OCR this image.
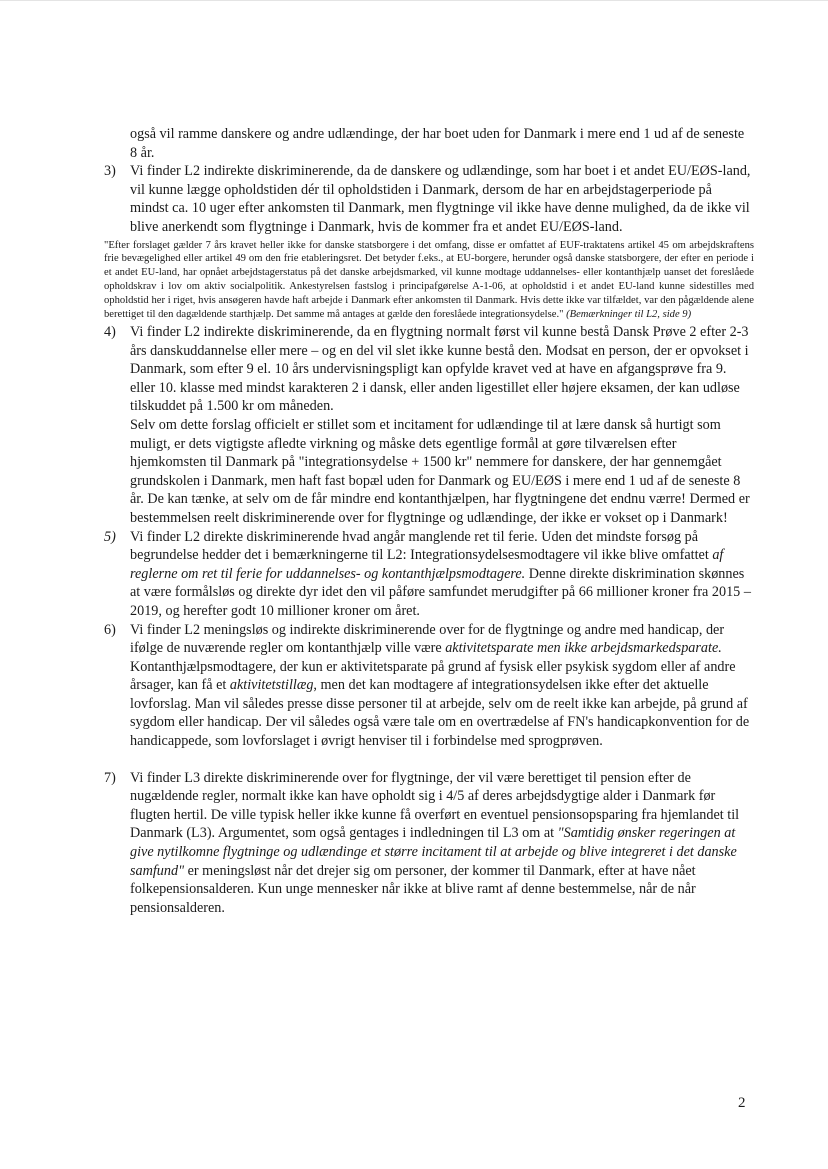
også vil ramme danskere og andre udlændinge, der har boet uden for Danmark i mere end 1 ud af de seneste 8 år.
3) Vi finder L2 indirekte diskriminerende, da de danskere og udlændinge, som har boet i et andet EU/EØS-land, vil kunne lægge opholdstiden dér til opholdstiden i Danmark, dersom de har en arbejdstagerperiode på mindst ca. 10 uger efter ankomsten til Danmark, men flygtninge vil ikke have denne mulighed, da de ikke vil blive anerkendt som flygtninge i Danmark, hvis de kommer fra et andet EU/EØS-land.

"Efter forslaget gælder 7 års kravet heller ikke for danske statsborgere i det omfang, disse er omfattet af EUF-traktatens artikel 45 om arbejdskraftens frie bevægelighed eller artikel 49 om den frie etableringsret. Det betyder f.eks., at EU-borgere, herunder også danske statsborgere, der efter en periode i et andet EU-land, har opnået arbejdstagerstatus på det danske arbejdsmarked, vil kunne modtage uddannelses- eller kontanthjælp uanset det foreslåede opholdskrav i lov om aktiv socialpolitik. Ankestyrelsen fastslog i principafgørelse A-1-06, at opholdstid i et andet EU-land kunne sidestilles med opholdstid her i riget, hvis ansøgeren havde haft arbejde i Danmark efter ankomsten til Danmark. Hvis dette ikke var tilfældet, var den pågældende alene berettiget til den dagældende starthjælp. Det samme må antages at gælde den foreslåede integrationsydelse." (Bemærkninger til L2, side 9)
4) Vi finder L2 indirekte diskriminerende, da en flygtning normalt først vil kunne bestå Dansk Prøve 2 efter 2-3 års danskuddannelse eller mere – og en del vil slet ikke kunne bestå den. Modsat en person, der er opvokset i Danmark, som efter 9 el. 10 års undervisningspligt kan opfylde kravet ved at have en afgangsprøve fra 9. eller 10. klasse med mindst karakteren 2 i dansk, eller anden ligestillet eller højere eksamen, der kan udløse tilskuddet på 1.500 kr om måneden.

Selv om dette forslag officielt er stillet som et incitament for udlændinge til at lære dansk så hurtigt som muligt, er dets vigtigste afledte virkning og måske dets egentlige formål at gøre tilværelsen efter hjemkomsten til Danmark på "integrationsydelse + 1500 kr" nemmere for danskere, der har gennemgået grundskolen i Danmark, men haft fast bopæl uden for Danmark og EU/EØS i mere end 1 ud af de seneste 8 år. De kan tænke, at selv om de får mindre end kontanthjælpen, har flygtningene det endnu værre! Dermed er bestemmelsen reelt diskriminerende over for flygtninge og udlændinge, der ikke er vokset op i Danmark!

5) Vi finder L2 direkte diskriminerende hvad angår manglende ret til ferie. Uden det mindste forsøg på begrundelse hedder det i bemærkningerne til L2: Integrationsydelsesmodtagere vil ikke blive omfattet af reglerne om ret til ferie for uddannelses- og kontanthjælpsmodtagere. Denne direkte diskrimination skønnes at være formålsløs og direkte dyr idet den vil påføre samfundet merudgifter på 66 millioner kroner fra 2015 – 2019, og herefter godt 10 millioner kroner om året.

6) Vi finder L2 meningsløs og indirekte diskriminerende over for de flygtninge og andre med handicap, der ifølge de nuværende regler om kontanthjælp ville være aktivitetsparate men ikke arbejdsmarkedsparate. Kontanthjælpsmodtagere, der kun er aktivitetsparate på grund af fysisk eller psykisk sygdom eller af andre årsager, kan få et aktivitetstillæg, men det kan modtagere af integrationsydelsen ikke efter det aktuelle lovforslag. Man vil således presse disse personer til at arbejde, selv om de reelt ikke kan arbejde, på grund af sygdom eller handicap. Der vil således også være tale om en overtrædelse af FN's handicapkonvention for de handicappede, som lovforslaget i øvrigt henviser til i forbindelse med sprogprøven.

7) Vi finder L3 direkte diskriminerende over for flygtninge, der vil være berettiget til pension efter de nugældende regler, normalt ikke kan have opholdt sig i 4/5 af deres arbejdsdygtige alder i Danmark før flugten hertil. De ville typisk heller ikke kunne få overført en eventuel pensionsopsparing fra hjemlandet til Danmark (L3). Argumentet, som også gentages i indledningen til L3 om at "Samtidig ønsker regeringen at give nytilkomne flygtninge og udlændinge et større incitament til at arbejde og blive integreret i det danske samfund" er meningsløst når det drejer sig om personer, der kommer til Danmark, efter at have nået folkepensionsalderen. Kun unge mennesker når ikke at blive ramt af denne bestemmelse, når de når pensionsalderen.

2
